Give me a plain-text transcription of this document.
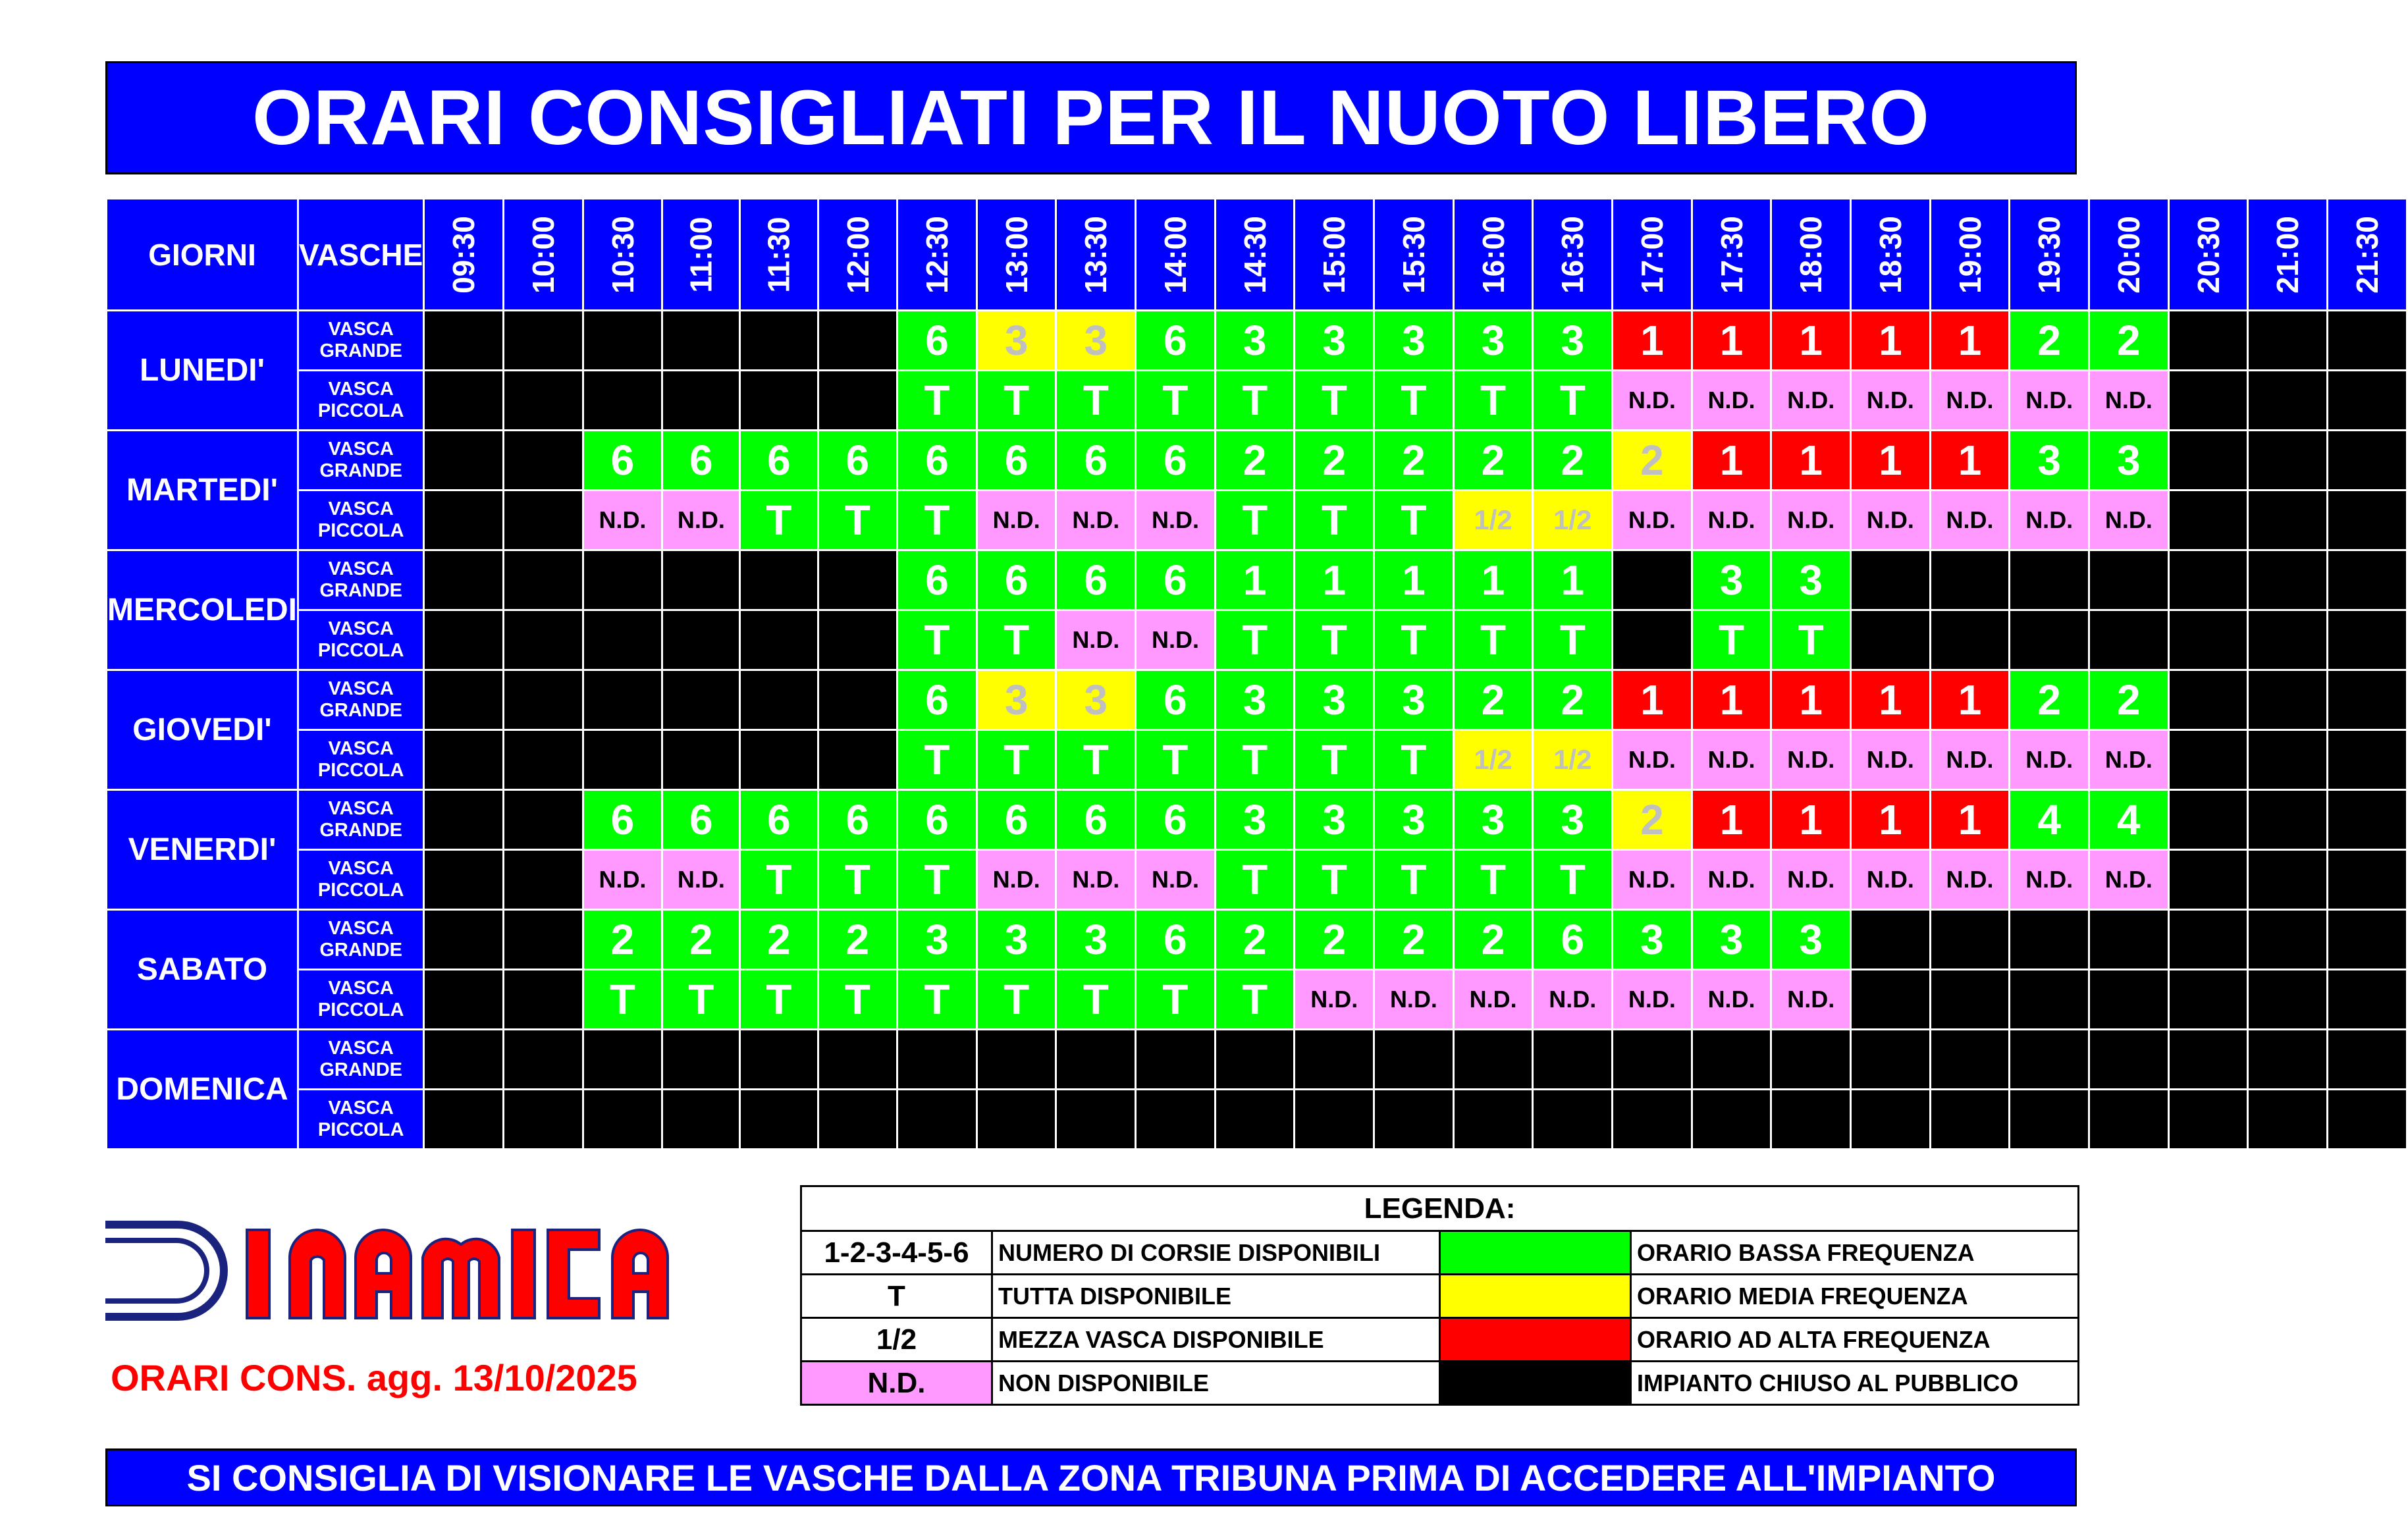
ORARI CONSIGLIATI PER IL NUOTO LIBERO
GIORNI	VASCHE	09:30	10:00	10:30	11:00	11:30	12:00	12:30	13:00	13:30	14:00	14:30	15:00	15:30	16:00	16:30	17:00	17:30	18:00	18:30	19:00	19:30	20:00	20:30	21:00	21:30
LUNEDI'	VASCA GRANDE							6	3	3	6	3	3	3	3	3	1	1	1	1	1	2	2			
	VASCA PICCOLA							T	T	T	T	T	T	T	T	T	N.D.	N.D.	N.D.	N.D.	N.D.	N.D.	N.D.			
MARTEDI'	VASCA GRANDE			6	6	6	6	6	6	6	6	2	2	2	2	2	2	1	1	1	1	3	3			
	VASCA PICCOLA			N.D.	N.D.	T	T	T	N.D.	N.D.	N.D.	T	T	T	1/2	1/2	N.D.	N.D.	N.D.	N.D.	N.D.	N.D.	N.D.			
MERCOLEDI	VASCA GRANDE							6	6	6	6	1	1	1	1	1		3	3							
	VASCA PICCOLA							T	T	N.D.	N.D.	T	T	T	T	T		T	T							
GIOVEDI'	VASCA GRANDE							6	3	3	6	3	3	3	2	2	1	1	1	1	1	2	2			
	VASCA PICCOLA							T	T	T	T	T	T	T	1/2	1/2	N.D.	N.D.	N.D.	N.D.	N.D.	N.D.	N.D.			
VENERDI'	VASCA GRANDE			6	6	6	6	6	6	6	6	3	3	3	3	3	2	1	1	1	1	4	4			
	VASCA PICCOLA			N.D.	N.D.	T	T	T	N.D.	N.D.	N.D.	T	T	T	T	T	N.D.	N.D.	N.D.	N.D.	N.D.	N.D.	N.D.			
SABATO	VASCA GRANDE			2	2	2	2	3	3	3	6	2	2	2	2	6	3	3	3							
	VASCA PICCOLA			T	T	T	T	T	T	T	T	T	N.D.	N.D.	N.D.	N.D.	N.D.	N.D.	N.D.							
DOMENICA	VASCA GRANDE																									
	VASCA PICCOLA																									
ORARI CONS. agg. 13/10/2025
LEGENDA:			
1-2-3-4-5-6	NUMERO DI CORSIE DISPONIBILI		ORARIO BASSA FREQUENZA
T	TUTTA DISPONIBILE		ORARIO MEDIA FREQUENZA
1/2	MEZZA VASCA DISPONIBILE		ORARIO AD ALTA FREQUENZA
N.D.	NON DISPONIBILE		IMPIANTO CHIUSO AL PUBBLICO
SI CONSIGLIA DI VISIONARE LE VASCHE DALLA ZONA TRIBUNA PRIMA DI ACCEDERE ALL'IMPIANTO
